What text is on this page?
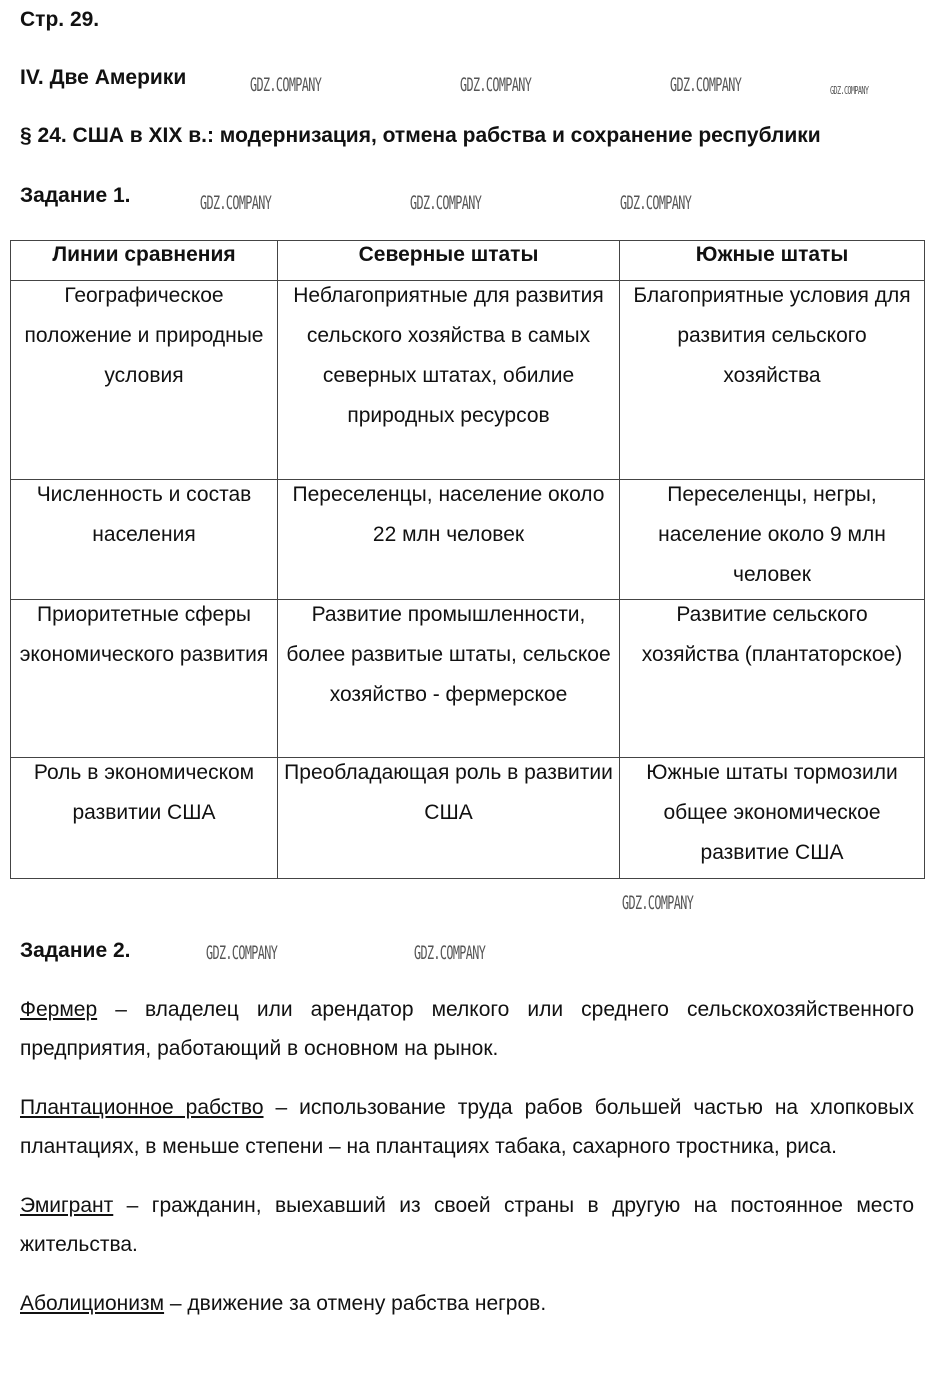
Стр. 29.
IV. Две Америки
§ 24. США в XIX в.: модернизация, отмена рабства и сохранение республики
Задание 1.
Линии сравнения	Северные штаты	Южные штаты

Географическое положение и природные условия	Неблагоприятные для развития сельского хозяйства в самых северных штатах, обилие природных ресурсов	Благоприятные условия для развития сельского хозяйства

Численность и состав населения	Переселенцы, население около 22 млн человек	Переселенцы, негры, население около 9 млн человек

Приоритетные сферы экономического развития	Развитие промышленности, более развитые штаты, сельское хозяйство - фермерское	Развитие сельского хозяйства (плантаторское)

Роль в экономическом развитии США	Преобладающая роль в развитии США	Южные штаты тормозили общее экономическое развитие США
Задание 2.

Фермер – владелец или арендатор мелкого или среднего сельскохозяйственного предприятия, работающий в основном на рынок.

Плантационное рабство – использование труда рабов большей частью на хлопковых плантациях, в меньше степени – на плантациях табака, сахарного тростника, риса.

Эмигрант – гражданин, выехавший из своей страны в другую на постоянное место жительства.

Аболиционизм – движение за отмену рабства негров.

GDZ.COMPANY	GDZ.COMPANY	GDZ.COMPANY
GDZ.COMPANY	GDZ.COMPANY	GDZ.COMPANY
GDZ.COMPANY
GDZ.COMPANY	GDZ.COMPANY
GDZ.COMPANY
